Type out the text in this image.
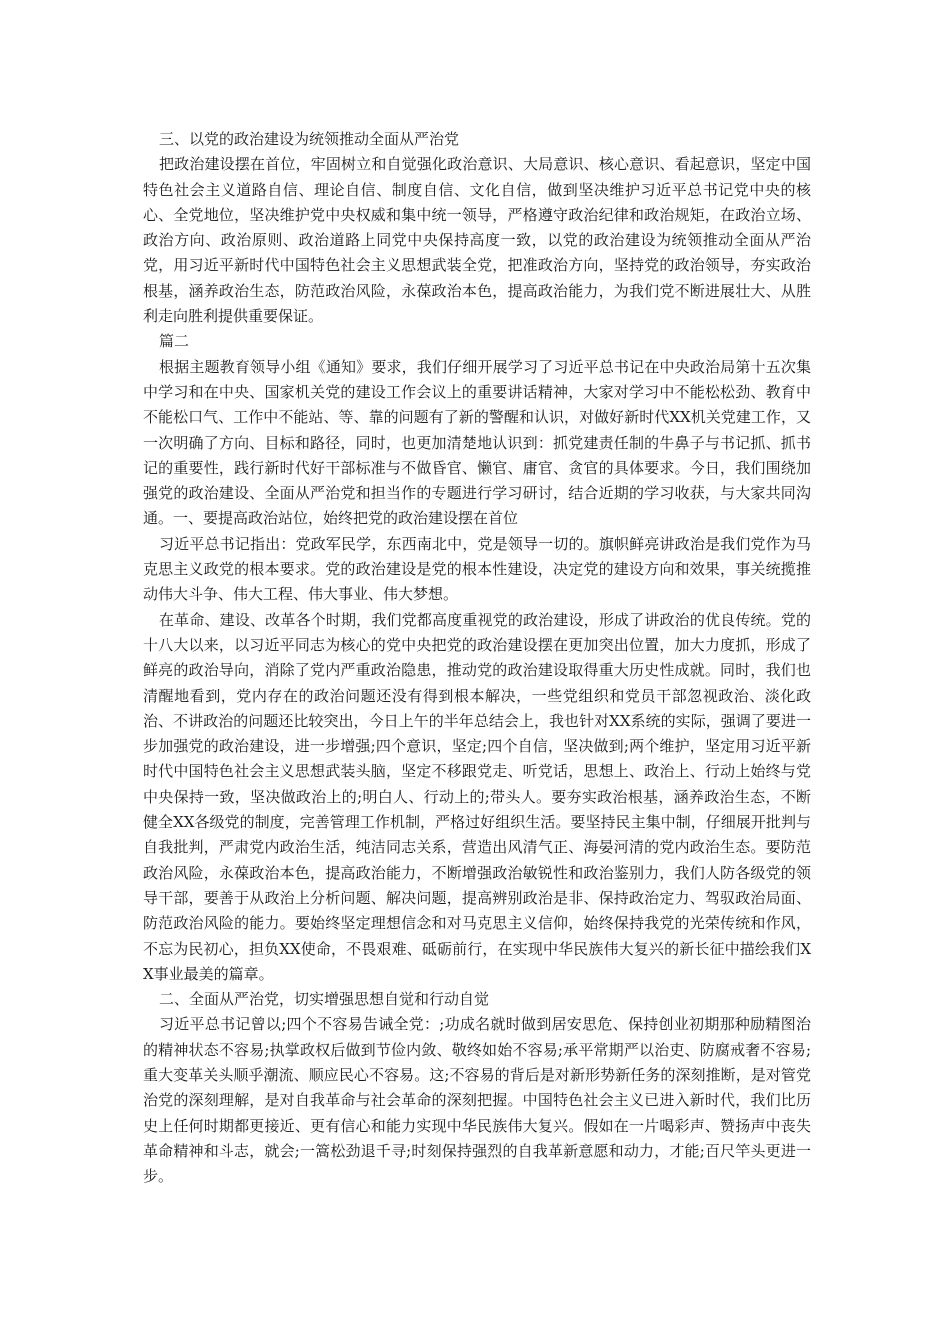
三、以党的政治建设为统领推动全面从严治党

把政治建设摆在首位，牢固树立和自觉强化政治意识、大局意识、核心意识、看起意识，坚定中国特色社会主义道路自信、理论自信、制度自信、文化自信，做到坚决维护习近平总书记党中央的核心、全党地位，坚决维护党中央权威和集中统一领导，严格遵守政治纪律和政治规矩，在政治立场、政治方向、政治原则、政治道路上同党中央保持高度一致，以党的政治建设为统领推动全面从严治党，用习近平新时代中国特色社会主义思想武装全党，把准政治方向，坚持党的政治领导，夯实政治根基，涵养政治生态，防范政治风险，永葆政治本色，提高政治能力，为我们党不断进展壮大、从胜利走向胜利提供重要保证。

篇二

根据主题教育领导小组《通知》要求，我们仔细开展学习了习近平总书记在中央政治局第十五次集中学习和在中央、国家机关党的建设工作会议上的重要讲话精神，大家对学习中不能松松劲、教育中不能松口气、工作中不能站、等、靠的问题有了新的警醒和认识，对做好新时代XX机关党建工作，又一次明确了方向、目标和路径，同时，也更加清楚地认识到：抓党建责任制的牛鼻子与书记抓、抓书记的重要性，践行新时代好干部标准与不做昏官、懒官、庸官、贪官的具体要求。今日，我们围绕加强党的政治建设、全面从严治党和担当作的专题进行学习研讨，结合近期的学习收获，与大家共同沟通。一、要提高政治站位，始终把党的政治建设摆在首位

习近平总书记指出：党政军民学，东西南北中，党是领导一切的。旗帜鲜亮讲政治是我们党作为马克思主义政党的根本要求。党的政治建设是党的根本性建设，决定党的建设方向和效果，事关统揽推动伟大斗争、伟大工程、伟大事业、伟大梦想。

在革命、建设、改革各个时期，我们党都高度重视党的政治建设，形成了讲政治的优良传统。党的十八大以来，以习近平同志为核心的党中央把党的政治建设摆在更加突出位置，加大力度抓，形成了鲜亮的政治导向，消除了党内严重政治隐患，推动党的政治建设取得重大历史性成就。同时，我们也清醒地看到，党内存在的政治问题还没有得到根本解决，一些党组织和党员干部忽视政治、淡化政治、不讲政治的问题还比较突出，今日上午的半年总结会上，我也针对XX系统的实际，强调了要进一步加强党的政治建设，进一步增强;四个意识，坚定;四个自信，坚决做到;两个维护，坚定用习近平新时代中国特色社会主义思想武装头脑，坚定不移跟党走、听党话，思想上、政治上、行动上始终与党中央保持一致，坚决做政治上的;明白人、行动上的;带头人。要夯实政治根基，涵养政治生态，不断健全XX各级党的制度，完善管理工作机制，严格过好组织生活。要坚持民主集中制，仔细展开批判与自我批判，严肃党内政治生活，纯洁同志关系，营造出风清气正、海晏河清的党内政治生态。要防范政治风险，永葆政治本色，提高政治能力，不断增强政治敏锐性和政治鉴别力，我们人防各级党的领导干部，要善于从政治上分析问题、解决问题，提高辨别政治是非、保持政治定力、驾驭政治局面、防范政治风险的能力。要始终坚定理想信念和对马克思主义信仰，始终保持我党的光荣传统和作风，不忘为民初心，担负XX使命，不畏艰难、砥砺前行，在实现中华民族伟大复兴的新长征中描绘我们XX事业最美的篇章。

二、全面从严治党，切实增强思想自觉和行动自觉

习近平总书记曾以;四个不容易告诫全党：;功成名就时做到居安思危、保持创业初期那种励精图治的精神状态不容易;执掌政权后做到节俭内敛、敬终如始不容易;承平常期严以治吏、防腐戒奢不容易;重大变革关头顺乎潮流、顺应民心不容易。这;不容易的背后是对新形势新任务的深刻推断，是对管党治党的深刻理解，是对自我革命与社会革命的深刻把握。中国特色社会主义已进入新时代，我们比历史上任何时期都更接近、更有信心和能力实现中华民族伟大复兴。假如在一片喝彩声、赞扬声中丧失革命精神和斗志，就会;一篙松劲退千寻;时刻保持强烈的自我革新意愿和动力，才能;百尺竿头更进一步。
